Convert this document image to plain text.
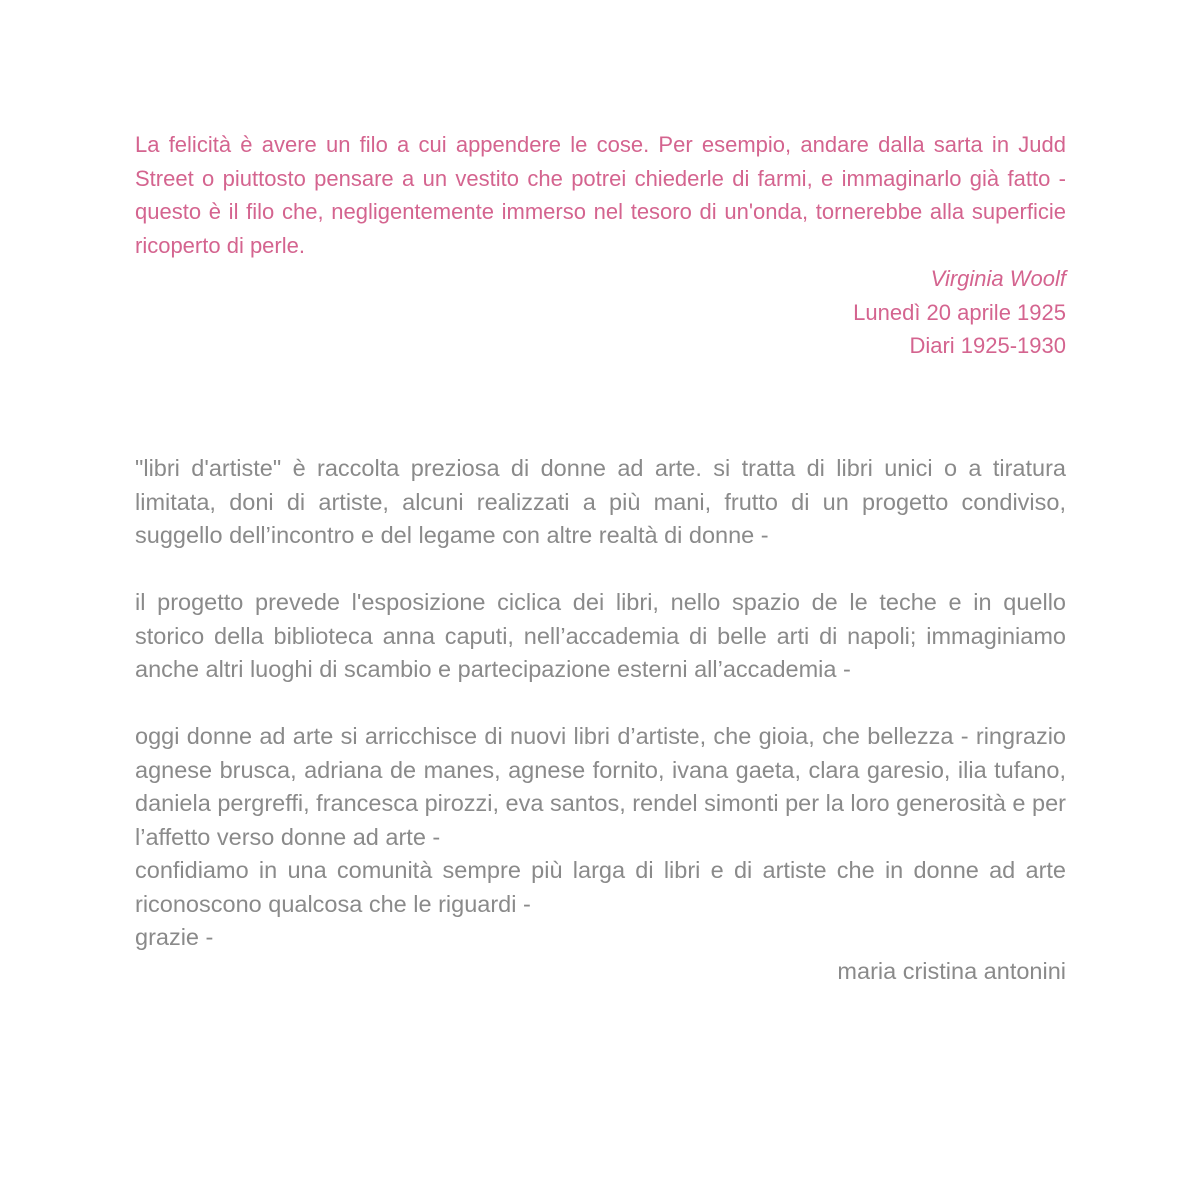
La felicità è avere un filo a cui appendere le cose. Per esempio, andare dalla sarta in Judd Street o piuttosto pensare a un vestito che potrei chiederle di farmi, e immaginarlo già fatto - questo è il filo che, negligentemente immerso nel tesoro di un'onda, tornerebbe alla superficie ricoperto di perle.

Virginia Woolf
Lunedì 20 aprile 1925
Diari 1925-1930

"libri d'artiste" è raccolta preziosa di donne ad arte. si tratta di libri unici o a tiratura limitata, doni di artiste, alcuni realizzati a più mani, frutto di un progetto condiviso, suggello dell’incontro e del legame con altre realtà di donne -

il progetto prevede l'esposizione ciclica dei libri, nello spazio de le teche e in quello storico della biblioteca anna caputi, nell’accademia di belle arti di napoli; immaginiamo anche altri luoghi di scambio e partecipazione esterni all’accademia -

oggi donne ad arte si arricchisce di nuovi libri d’artiste, che gioia, che bellezza - ringrazio agnese brusca, adriana de manes, agnese fornito, ivana gaeta, clara garesio, ilia tufano, daniela pergreffi, francesca pirozzi, eva santos, rendel simonti per la loro generosità e per l’affetto verso donne ad arte -

confidiamo in una comunità sempre più larga di libri e di artiste che in donne ad arte riconoscono qualcosa che le riguardi -

grazie -

maria cristina antonini
